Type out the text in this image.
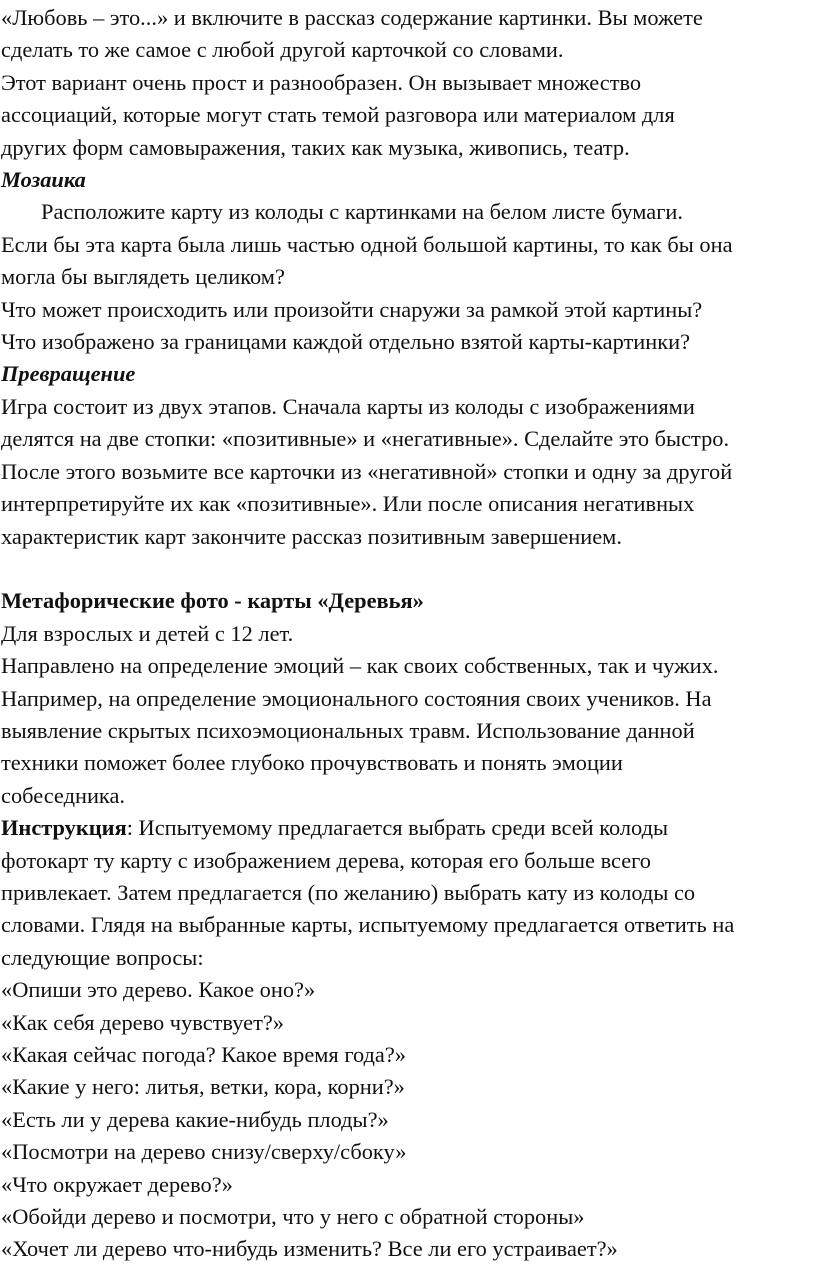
«Любовь – это...» и включите в рассказ содержание картинки. Вы можете

сделать то же самое с любой другой карточкой со словами.

Этот вариант очень прост и разнообразен. Он вызывает множество

ассоциаций, которые могут стать темой разговора или материалом для

других форм самовыражения, таких как музыка, живопись, театр.

Мозаика

Расположите карту из колоды с картинками на белом листе бумаги.

Если бы эта карта была лишь частью одной большой картины, то как бы она

могла бы выглядеть целиком?

Что может происходить или произойти снаружи за рамкой этой картины?

Что изображено за границами каждой отдельно взятой карты-картинки?

Превращение

Игра состоит из двух этапов. Сначала карты из колоды с изображениями

делятся на две стопки: «позитивные» и «негативные». Сделайте это быстро.

После этого возьмите все карточки из «негативной» стопки и одну за другой

интерпретируйте их как «позитивные». Или после описания негативных

характеристик карт закончите рассказ позитивным завершением.

Метафорические фото - карты «Деревья»

Для взрослых и детей с 12 лет.

Направлено на определение эмоций – как своих собственных, так и чужих.

Например, на определение эмоционального состояния своих учеников. На

выявление скрытых психоэмоциональных травм. Использование данной

техники поможет более глубоко прочувствовать и понять эмоции

собеседника.

Инструкция: Испытуемому предлагается выбрать среди всей колоды

фотокарт ту карту с изображением дерева, которая его больше всего

привлекает. Затем предлагается (по желанию) выбрать кату из колоды со

словами. Глядя на выбранные карты, испытуемому предлагается ответить на

следующие вопросы:

«Опиши это дерево. Какое оно?»

«Как себя дерево чувствует?»

«Какая сейчас погода? Какое время года?»

«Какие у него: литья, ветки, кора, корни?»

«Есть ли у дерева какие-нибудь плоды?»

«Посмотри на дерево снизу/сверху/сбоку»

«Что окружает дерево?»

«Обойди дерево и посмотри, что у него с обратной стороны»

«Хочет ли дерево что-нибудь изменить? Все ли его устраивает?»
